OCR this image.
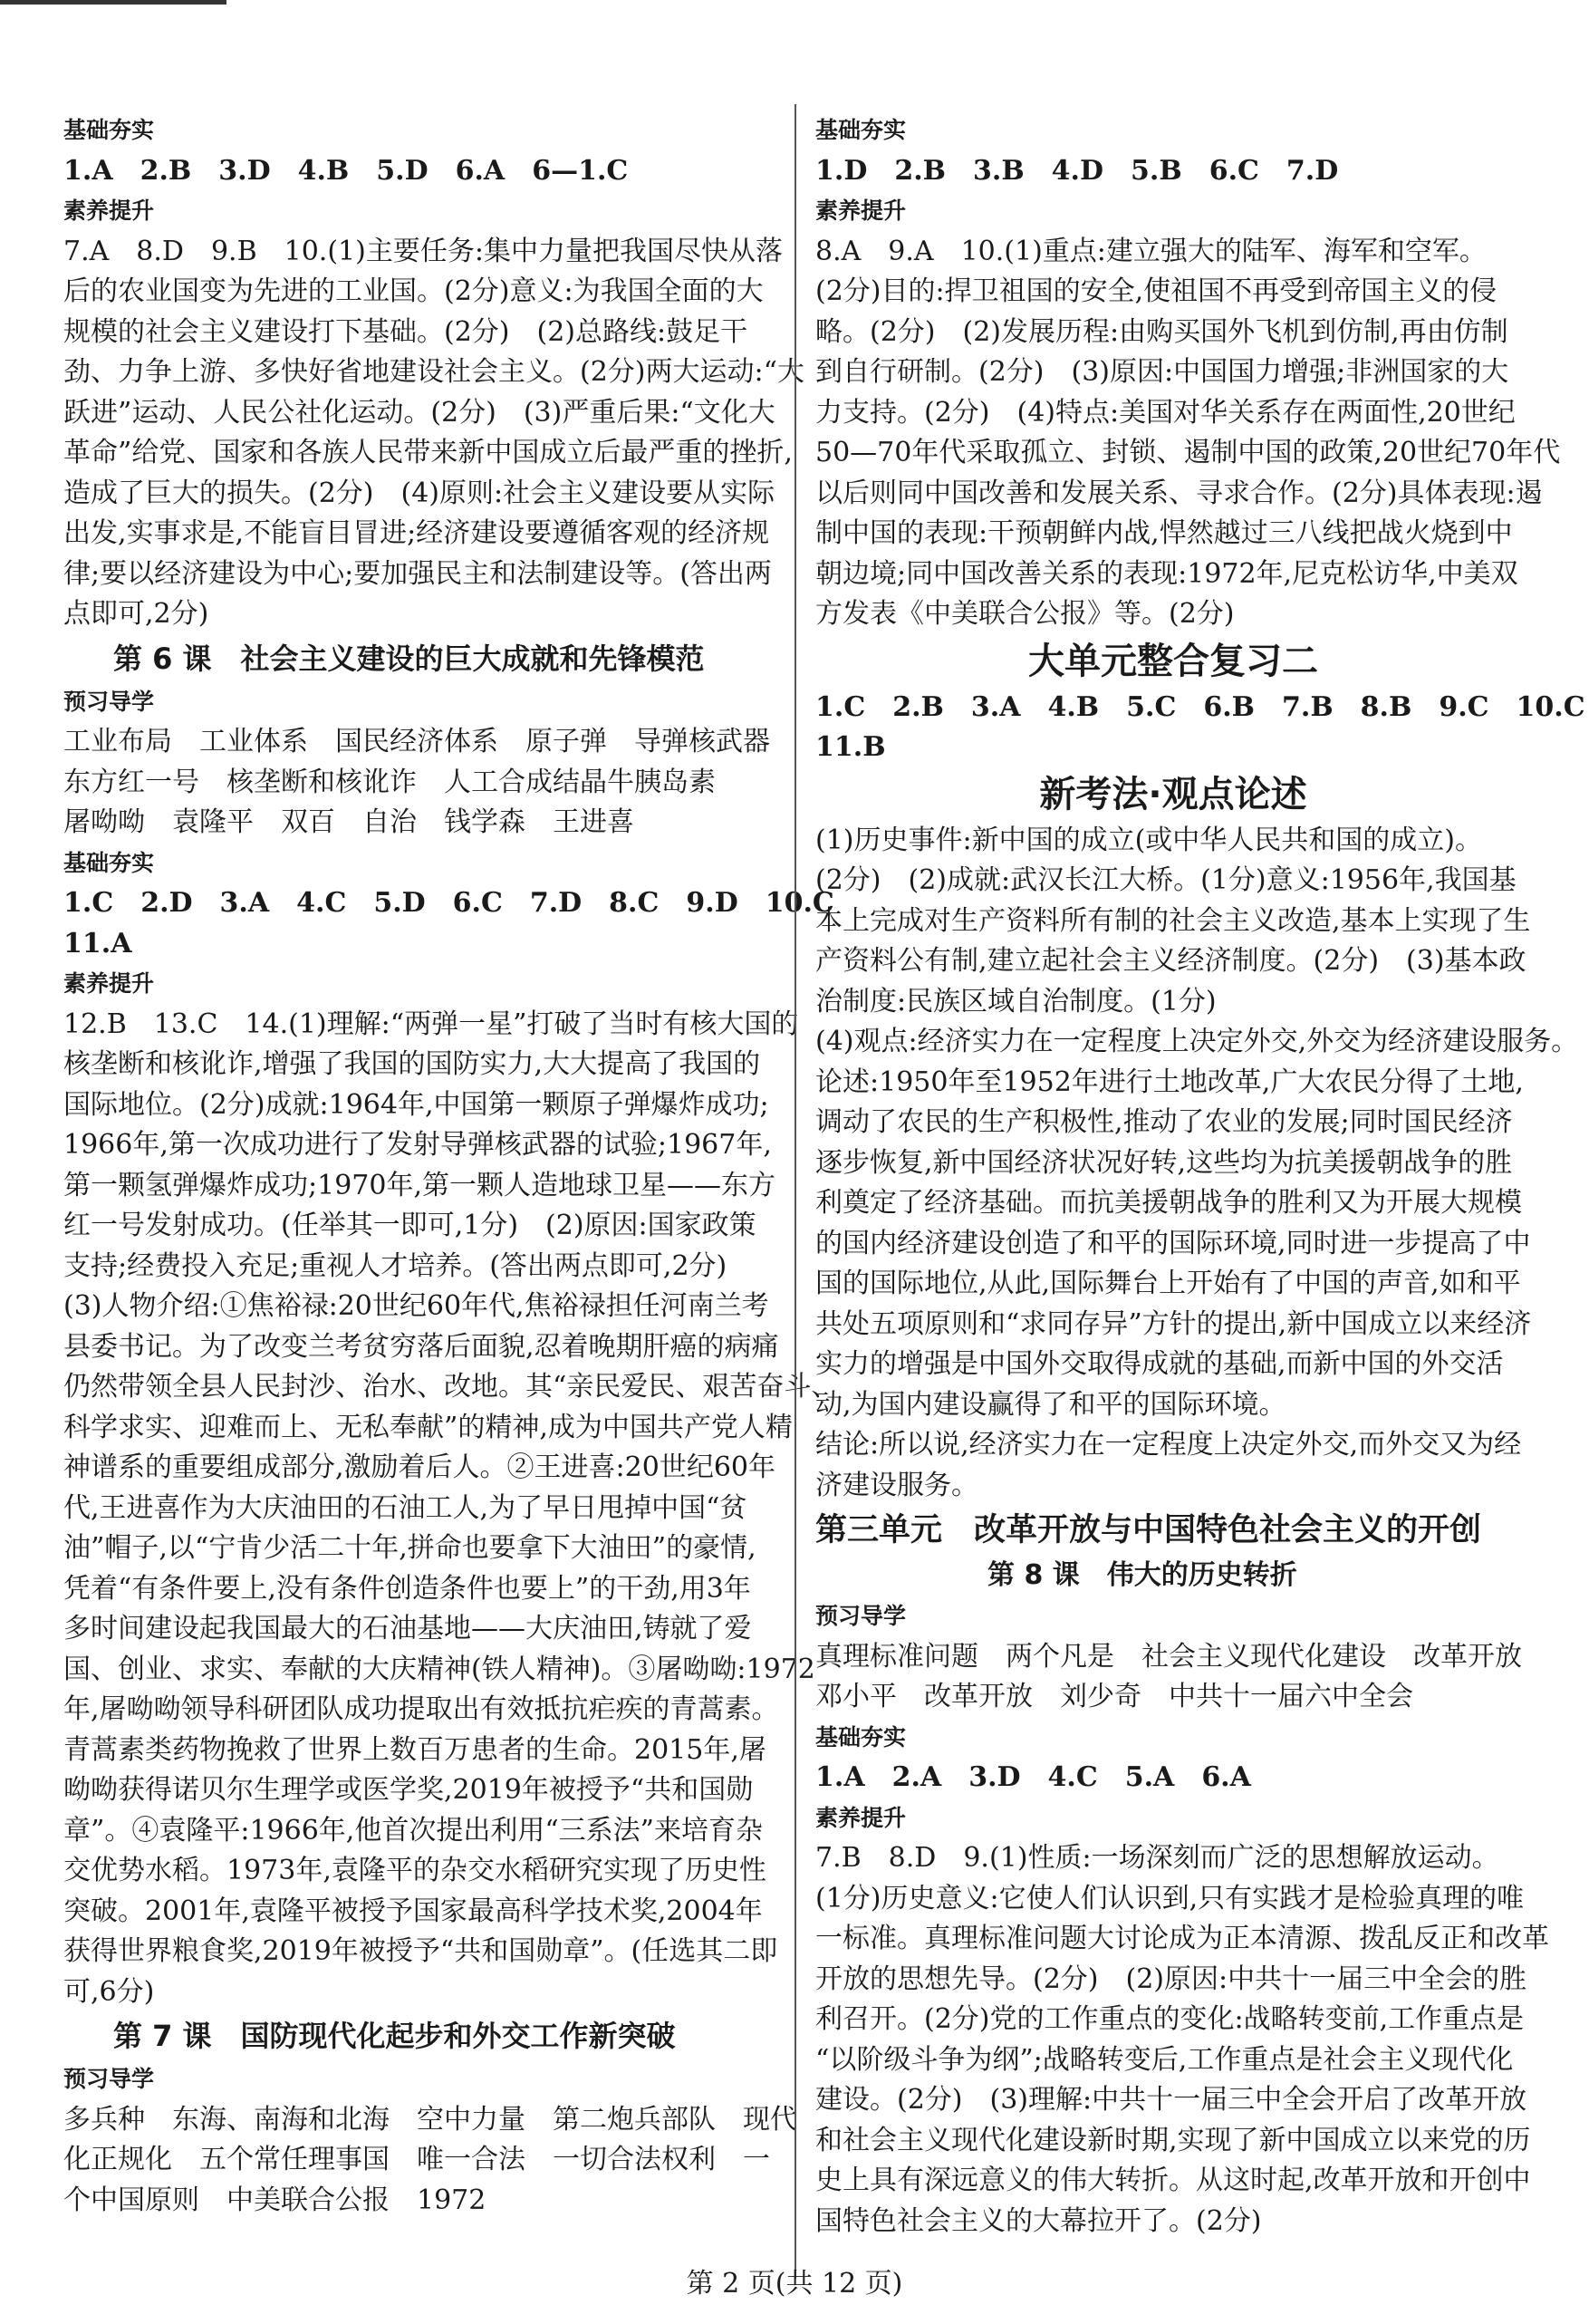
基础夯实

1.A　2.B　3.D　4.B　5.D　6.A　6—1.C

素养提升

7.A　8.D　9.B　10.(1)主要任务:集中力量把我国尽快从落

后的农业国变为先进的工业国。(2分)意义:为我国全面的大

规模的社会主义建设打下基础。(2分)　(2)总路线:鼓足干

劲、力争上游、多快好省地建设社会主义。(2分)两大运动:“大

跃进”运动、人民公社化运动。(2分)　(3)严重后果:“文化大

革命”给党、国家和各族人民带来新中国成立后最严重的挫折,

造成了巨大的损失。(2分)　(4)原则:社会主义建设要从实际

出发,实事求是,不能盲目冒进;经济建设要遵循客观的经济规

律;要以经济建设为中心;要加强民主和法制建设等。(答出两

点即可,2分)

第 6 课　社会主义建设的巨大成就和先锋模范

预习导学

工业布局　工业体系　国民经济体系　原子弹　导弹核武器

东方红一号　核垄断和核讹诈　人工合成结晶牛胰岛素

屠呦呦　袁隆平　双百　自治　钱学森　王进喜

基础夯实

1.C　2.D　3.A　4.C　5.D　6.C　7.D　8.C　9.D　10.C

11.A

素养提升

12.B　13.C　14.(1)理解:“两弹一星”打破了当时有核大国的

核垄断和核讹诈,增强了我国的国防实力,大大提高了我国的

国际地位。(2分)成就:1964年,中国第一颗原子弹爆炸成功;

1966年,第一次成功进行了发射导弹核武器的试验;1967年,

第一颗氢弹爆炸成功;1970年,第一颗人造地球卫星——东方

红一号发射成功。(任举其一即可,1分)　(2)原因:国家政策

支持;经费投入充足;重视人才培养。(答出两点即可,2分)

(3)人物介绍:①焦裕禄:20世纪60年代,焦裕禄担任河南兰考

县委书记。为了改变兰考贫穷落后面貌,忍着晚期肝癌的病痛

仍然带领全县人民封沙、治水、改地。其“亲民爱民、艰苦奋斗、

科学求实、迎难而上、无私奉献”的精神,成为中国共产党人精

神谱系的重要组成部分,激励着后人。②王进喜:20世纪60年

代,王进喜作为大庆油田的石油工人,为了早日甩掉中国“贫

油”帽子,以“宁肯少活二十年,拼命也要拿下大油田”的豪情,

凭着“有条件要上,没有条件创造条件也要上”的干劲,用3年

多时间建设起我国最大的石油基地——大庆油田,铸就了爱

国、创业、求实、奉献的大庆精神(铁人精神)。③屠呦呦:1972

年,屠呦呦领导科研团队成功提取出有效抵抗疟疾的青蒿素。

青蒿素类药物挽救了世界上数百万患者的生命。2015年,屠

呦呦获得诺贝尔生理学或医学奖,2019年被授予“共和国勋

章”。④袁隆平:1966年,他首次提出利用“三系法”来培育杂

交优势水稻。1973年,袁隆平的杂交水稻研究实现了历史性

突破。2001年,袁隆平被授予国家最高科学技术奖,2004年

获得世界粮食奖,2019年被授予“共和国勋章”。(任选其二即

可,6分)

第 7 课　国防现代化起步和外交工作新突破

预习导学

多兵种　东海、南海和北海　空中力量　第二炮兵部队　现代

化正规化　五个常任理事国　唯一合法　一切合法权利　一

个中国原则　中美联合公报　1972

基础夯实

1.D　2.B　3.B　4.D　5.B　6.C　7.D

素养提升

8.A　9.A　10.(1)重点:建立强大的陆军、海军和空军。

(2分)目的:捍卫祖国的安全,使祖国不再受到帝国主义的侵

略。(2分)　(2)发展历程:由购买国外飞机到仿制,再由仿制

到自行研制。(2分)　(3)原因:中国国力增强;非洲国家的大

力支持。(2分)　(4)特点:美国对华关系存在两面性,20世纪

50—70年代采取孤立、封锁、遏制中国的政策,20世纪70年代

以后则同中国改善和发展关系、寻求合作。(2分)具体表现:遏

制中国的表现:干预朝鲜内战,悍然越过三八线把战火烧到中

朝边境;同中国改善关系的表现:1972年,尼克松访华,中美双

方发表《中美联合公报》等。(2分)

大单元整合复习二

1.C　2.B　3.A　4.B　5.C　6.B　7.B　8.B　9.C　10.C

11.B

新考法·观点论述

(1)历史事件:新中国的成立(或中华人民共和国的成立)。

(2分)　(2)成就:武汉长江大桥。(1分)意义:1956年,我国基

本上完成对生产资料所有制的社会主义改造,基本上实现了生

产资料公有制,建立起社会主义经济制度。(2分)　(3)基本政

治制度:民族区域自治制度。(1分)

(4)观点:经济实力在一定程度上决定外交,外交为经济建设服务。

论述:1950年至1952年进行土地改革,广大农民分得了土地,

调动了农民的生产积极性,推动了农业的发展;同时国民经济

逐步恢复,新中国经济状况好转,这些均为抗美援朝战争的胜

利奠定了经济基础。而抗美援朝战争的胜利又为开展大规模

的国内经济建设创造了和平的国际环境,同时进一步提高了中

国的国际地位,从此,国际舞台上开始有了中国的声音,如和平

共处五项原则和“求同存异”方针的提出,新中国成立以来经济

实力的增强是中国外交取得成就的基础,而新中国的外交活

动,为国内建设赢得了和平的国际环境。

结论:所以说,经济实力在一定程度上决定外交,而外交又为经

济建设服务。

第三单元　改革开放与中国特色社会主义的开创

第 8 课　伟大的历史转折

预习导学

真理标准问题　两个凡是　社会主义现代化建设　改革开放

邓小平　改革开放　刘少奇　中共十一届六中全会

基础夯实

1.A　2.A　3.D　4.C　5.A　6.A

素养提升

7.B　8.D　9.(1)性质:一场深刻而广泛的思想解放运动。

(1分)历史意义:它使人们认识到,只有实践才是检验真理的唯

一标准。真理标准问题大讨论成为正本清源、拨乱反正和改革

开放的思想先导。(2分)　(2)原因:中共十一届三中全会的胜

利召开。(2分)党的工作重点的变化:战略转变前,工作重点是

“以阶级斗争为纲”;战略转变后,工作重点是社会主义现代化

建设。(2分)　(3)理解:中共十一届三中全会开启了改革开放

和社会主义现代化建设新时期,实现了新中国成立以来党的历

史上具有深远意义的伟大转折。从这时起,改革开放和开创中

国特色社会主义的大幕拉开了。(2分)

第 2 页(共 12 页)
